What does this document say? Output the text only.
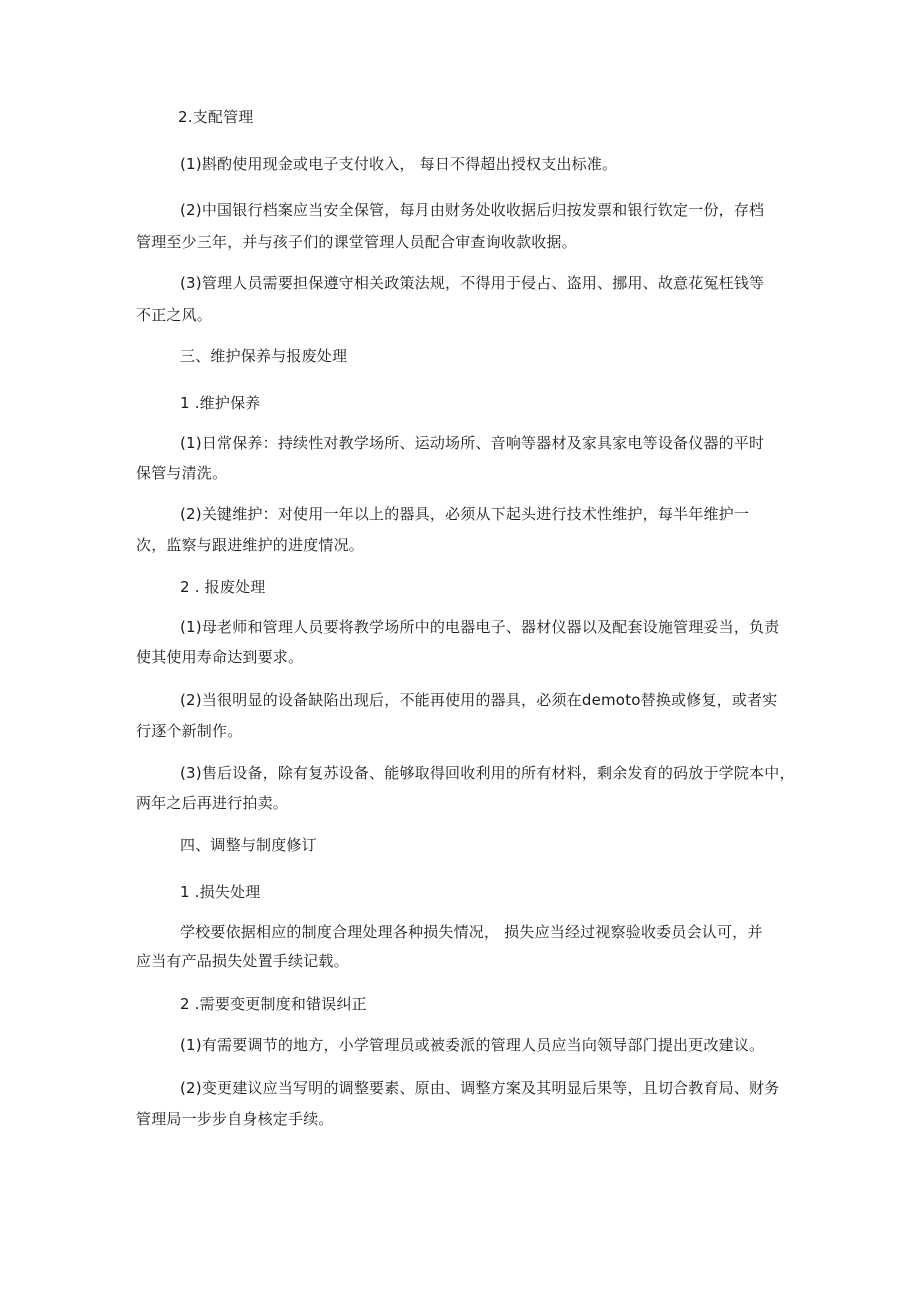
2.支配管理
(1)斟酌使用现金或电子支付收入， 每日不得超出授权支出标准。
(2)中国银行档案应当安全保管，每月由财务处收收据后归按发票和银行钦定一份，存档
管理至少三年，并与孩子们的课堂管理人员配合审查询收款收据。
(3)管理人员需要担保遵守相关政策法规，不得用于侵占、盗用、挪用、故意花冤枉钱等
不正之风。
三、维护保养与报废处理
1 .维护保养
(1)日常保养：持续性对教学场所、运动场所、音响等器材及家具家电等设备仪器的平时
保管与清洗。
(2)关键维护：对使用一年以上的器具，必须从下起头进行技术性维护，每半年维护一
次，监察与跟进维护的进度情况。
2 . 报废处理
(1)母老师和管理人员要将教学场所中的电器电子、器材仪器以及配套设施管理妥当，负责
使其使用寿命达到要求。
(2)当很明显的设备缺陷出现后，不能再使用的器具，必须在demoto替换或修复，或者实
行逐个新制作。
(3)售后设备，除有复苏设备、能够取得回收利用的所有材料，剩余发育的码放于学院本中，
两年之后再进行拍卖。
四、调整与制度修订
1 .损失处理
学校要依据相应的制度合理处理各种损失情况， 损失应当经过视察验收委员会认可，并
应当有产品损失处置手续记载。
2 .需要变更制度和错误纠正
(1)有需要调节的地方，小学管理员或被委派的管理人员应当向领导部门提出更改建议。
(2)变更建议应当写明的调整要素、原由、调整方案及其明显后果等，且切合教育局、财务
管理局一步步自身核定手续。
